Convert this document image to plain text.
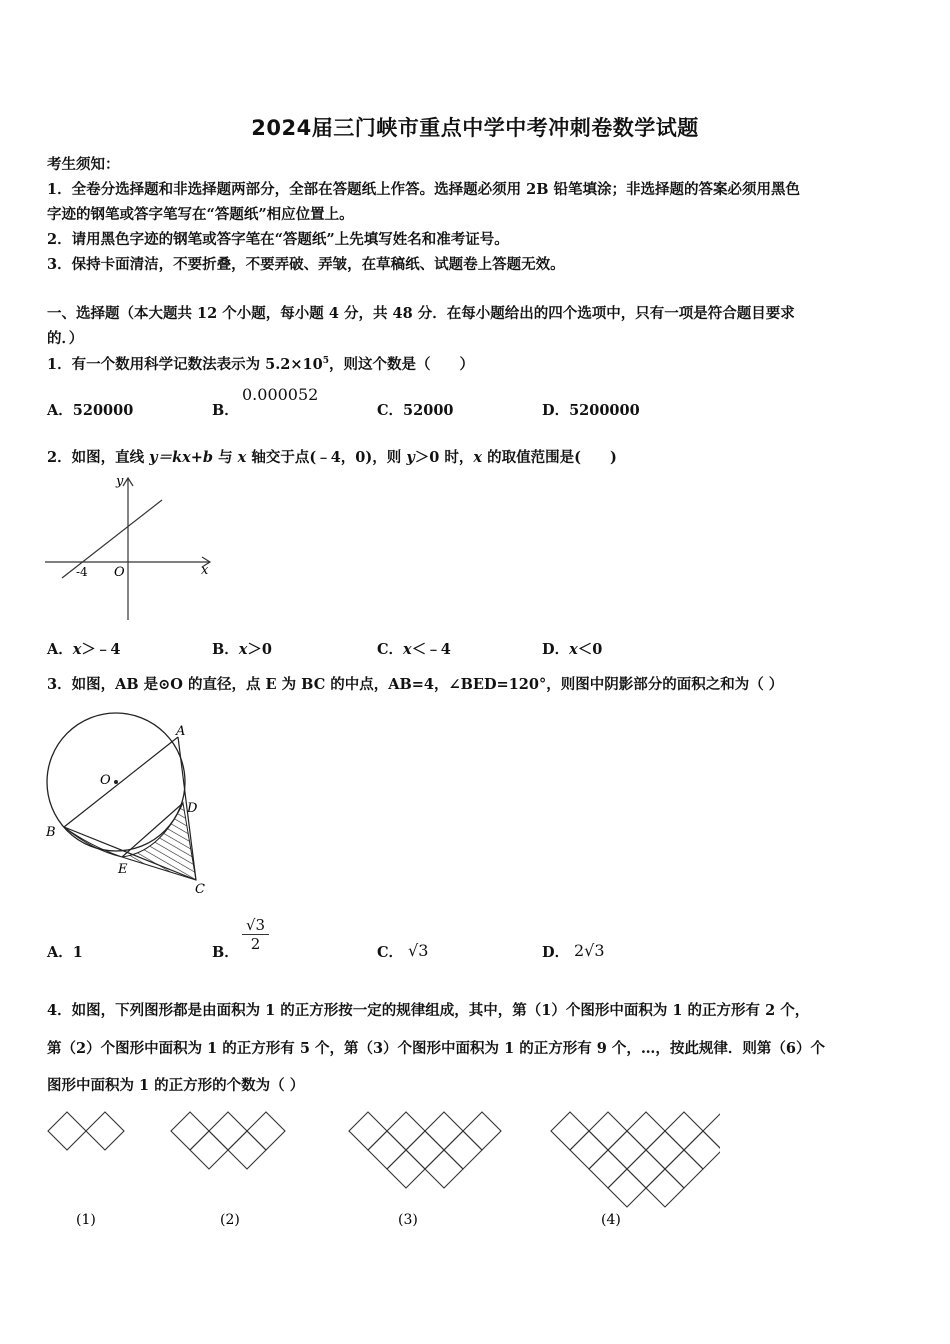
2024届三门峡市重点中学中考冲刺卷数学试题
考生须知：
1．全卷分选择题和非选择题两部分，全部在答题纸上作答。选择题必须用 2B 铅笔填涂；非选择题的答案必须用黑色
字迹的钢笔或答字笔写在“答题纸”相应位置上。
2．请用黑色字迹的钢笔或答字笔在“答题纸”上先填写姓名和准考证号。
3．保持卡面清洁，不要折叠，不要弄破、弄皱，在草稿纸、试题卷上答题无效。
一、选择题（本大题共 12 个小题，每小题 4 分，共 48 分．在每小题给出的四个选项中，只有一项是符合题目要求
的．）
1．有一个数用科学记数法表示为 $5.2\times 10^5$，则这个数是（　　）
A．520000	B．
0.000052
C．52000	D．5200000
2．如图，直线 y＝kx+b 与 x 轴交于点(﹣4，0)，则 y＞0 时，x 的取值范围是(　　)
y
x
O
-4
A．x＞﹣4	B．x＞0	C．x＜﹣4	D．x＜0
3．如图，AB 是⊙O 的直径，点 E 为 BC 的中点，AB=4，∠BED=120°，则图中阴影部分的面积之和为（ ）
O
A
B
D
E
C
A．1	B． $\frac{√3}{2}$	C． √3	D． 2√3
4．如图，下列图形都是由面积为 1 的正方形按一定的规律组成，其中，第（1）个图形中面积为 1 的正方形有 2 个，
第（2）个图形中面积为 1 的正方形有 5 个，第（3）个图形中面积为 1 的正方形有 9 个，…，按此规律．则第（6）个
图形中面积为 1 的正方形的个数为（ ）
(1)	(2)	(3)	(4)
